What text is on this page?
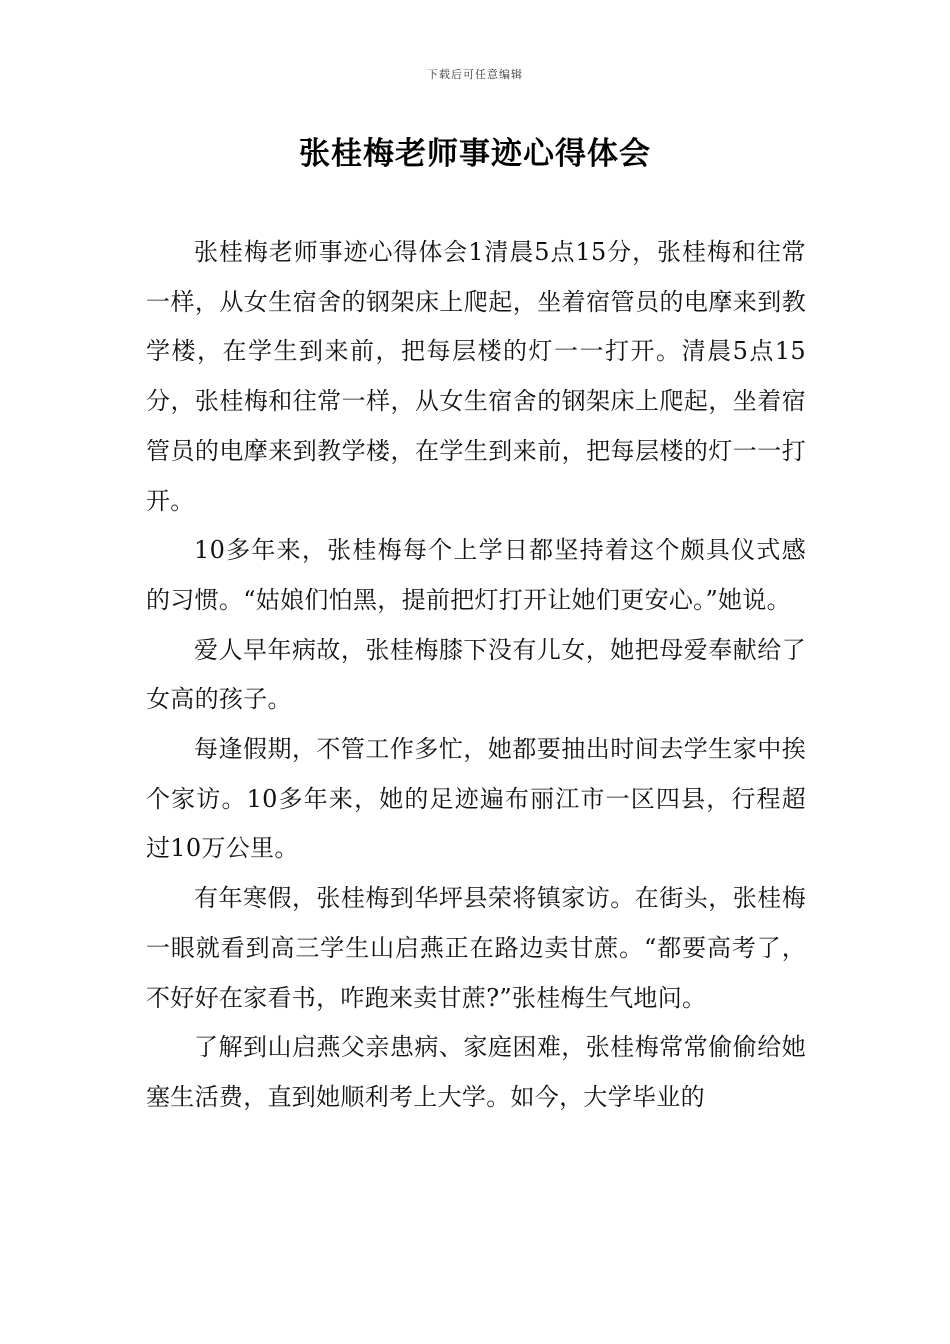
下载后可任意编辑
张桂梅老师事迹心得体会

张桂梅老师事迹心得体会1清晨5点15分，张桂梅和往常一样，从女生宿舍的钢架床上爬起，坐着宿管员的电摩来到教学楼，在学生到来前，把每层楼的灯一一打开。清晨5点15分，张桂梅和往常一样，从女生宿舍的钢架床上爬起，坐着宿管员的电摩来到教学楼，在学生到来前，把每层楼的灯一一打开。

10多年来，张桂梅每个上学日都坚持着这个颇具仪式感的习惯。“姑娘们怕黑，提前把灯打开让她们更安心。”她说。

爱人早年病故，张桂梅膝下没有儿女，她把母爱奉献给了女高的孩子。

每逢假期，不管工作多忙，她都要抽出时间去学生家中挨个家访。10多年来，她的足迹遍布丽江市一区四县，行程超过10万公里。

有年寒假，张桂梅到华坪县荣将镇家访。在街头，张桂梅一眼就看到高三学生山启燕正在路边卖甘蔗。“都要高考了，不好好在家看书，咋跑来卖甘蔗?”张桂梅生气地问。

了解到山启燕父亲患病、家庭困难，张桂梅常常偷偷给她塞生活费，直到她顺利考上大学。如今，大学毕业的
